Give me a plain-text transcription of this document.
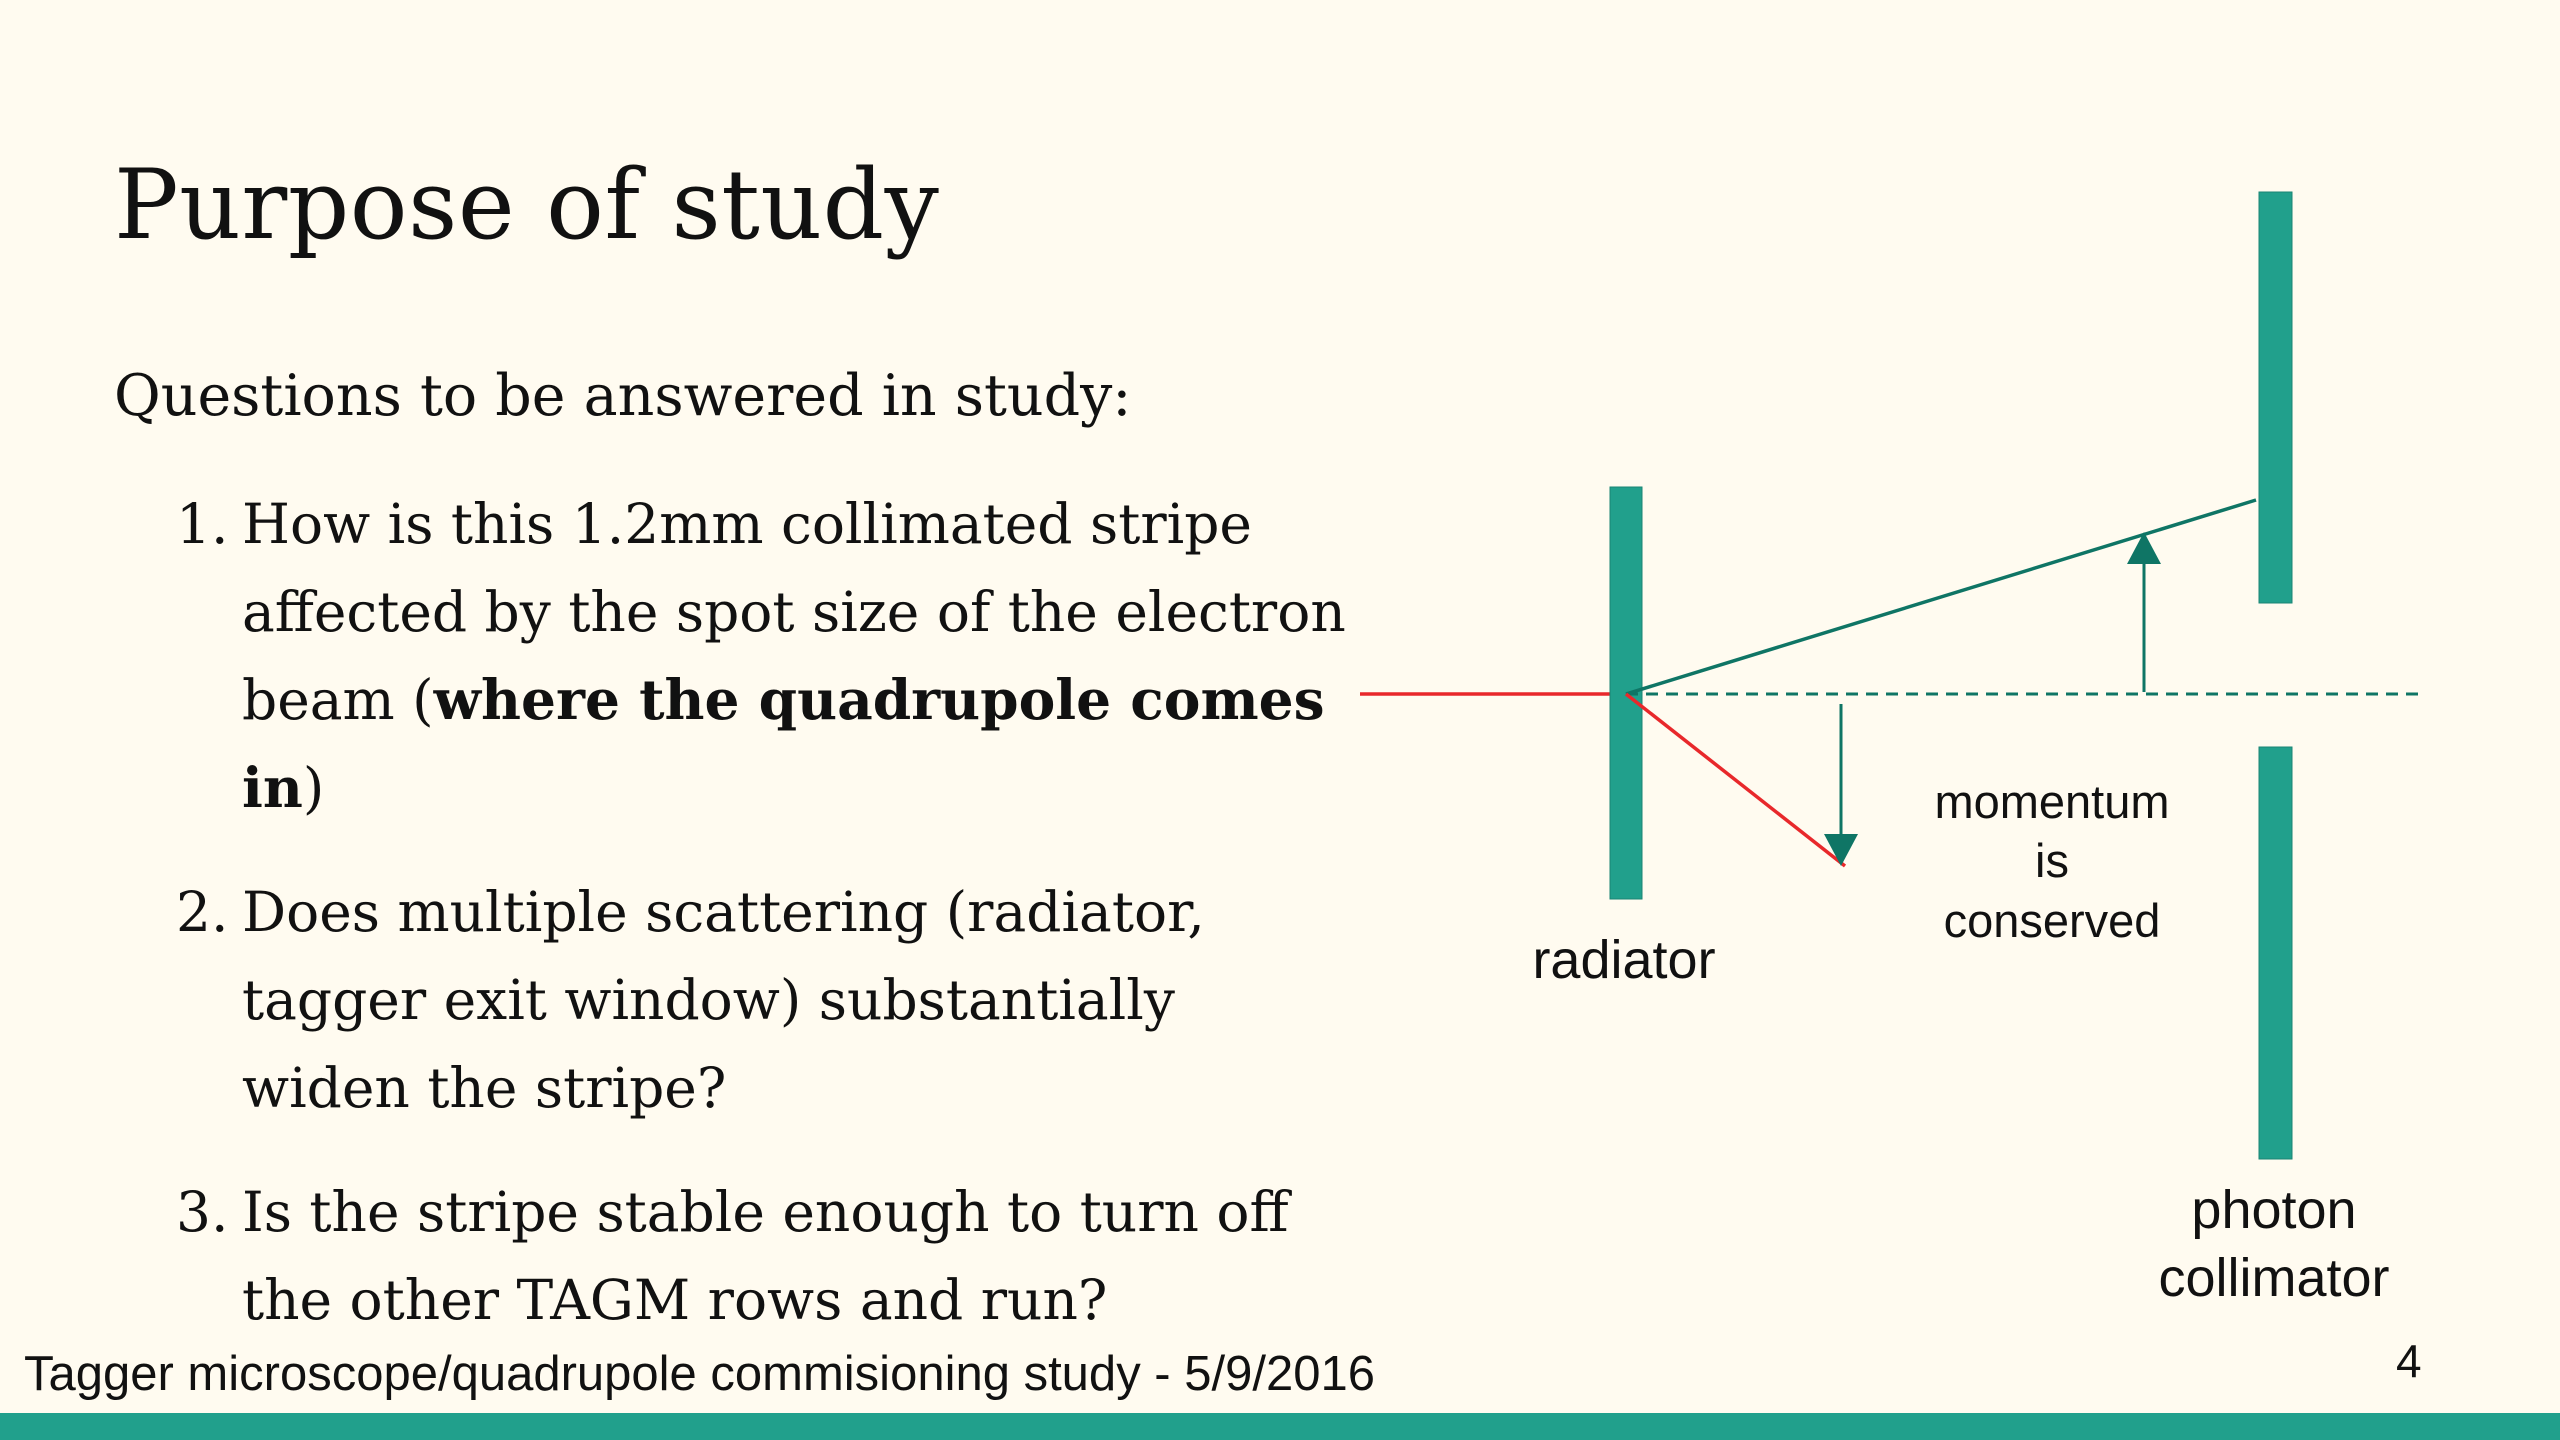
Purpose of study

Questions to be answered in study:

1. How is this 1.2mm collimated stripe affected by the spot size of the electron beam (where the quadrupole comes in)
2. Does multiple scattering (radiator, tagger exit window) substantially widen the stripe?
3. Is the stripe stable enough to turn off the other TAGM rows and run?
radiator
momentum
is
conserved
photon
collimator

Tagger microscope/quadrupole commisioning study - 5/9/2016	4
